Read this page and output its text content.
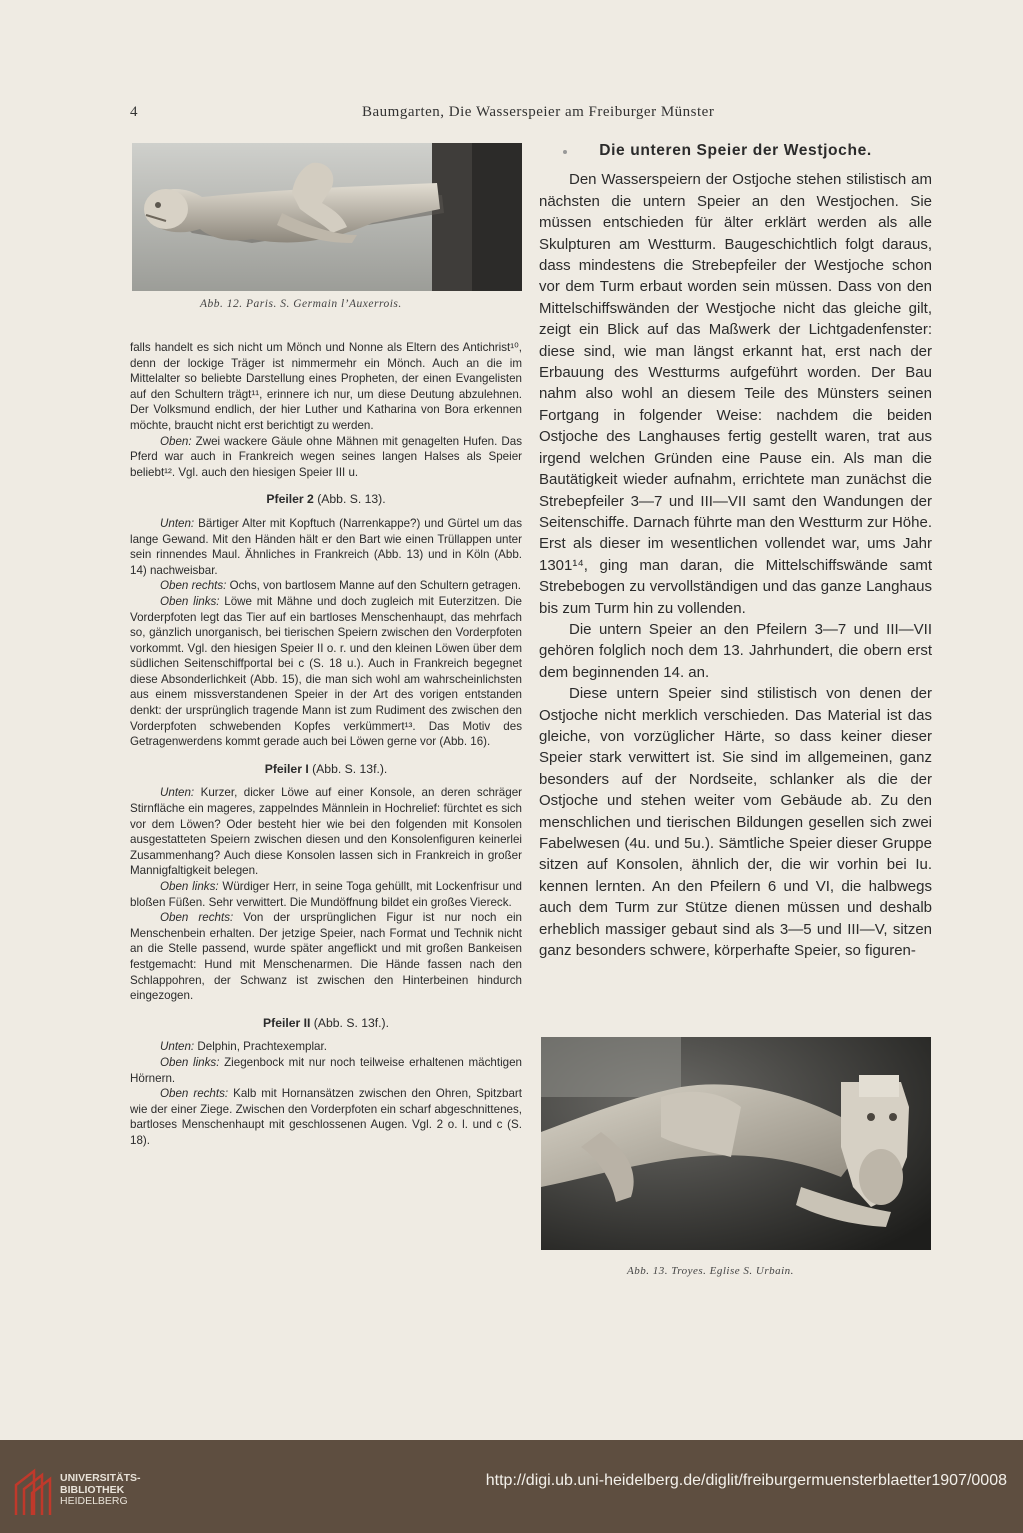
4	Baumgarten, Die Wasserspeier am Freiburger Münster
Abb. 12. Paris. S. Germain l’Auxerrois.

falls handelt es sich nicht um Mönch und Nonne als Eltern des Antichrist¹⁰, denn der lockige Träger ist nimmermehr ein Mönch. Auch an die im Mittelalter so beliebte Darstellung eines Propheten, der einen Evangelisten auf den Schultern trägt¹¹, erinnere ich nur, um diese Deutung abzulehnen. Der Volksmund endlich, der hier Luther und Katharina von Bora erkennen möchte, braucht nicht erst berichtigt zu werden.

Oben: Zwei wackere Gäule ohne Mähnen mit genagelten Hufen. Das Pferd war auch in Frankreich wegen seines langen Halses als Speier beliebt¹². Vgl. auch den hiesigen Speier III u.

Pfeiler 2 (Abb. S. 13).

Unten: Bärtiger Alter mit Kopftuch (Narrenkappe?) und Gürtel um das lange Gewand. Mit den Händen hält er den Bart wie einen Trüllappen unter sein rinnendes Maul. Ähnliches in Frankreich (Abb. 13) und in Köln (Abb. 14) nachweisbar.

Oben rechts: Ochs, von bartlosem Manne auf den Schultern getragen.

Oben links: Löwe mit Mähne und doch zugleich mit Euterzitzen. Die Vorderpfoten legt das Tier auf ein bartloses Menschenhaupt, das mehrfach so, gänzlich unorganisch, bei tierischen Speiern zwischen den Vorderpfoten vorkommt. Vgl. den hiesigen Speier II o. r. und den kleinen Löwen über dem südlichen Seitenschiffportal bei c (S. 18 u.). Auch in Frankreich begegnet diese Absonderlichkeit (Abb. 15), die man sich wohl am wahrscheinlichsten aus einem missverstandenen Speier in der Art des vorigen entstanden denkt: der ursprünglich tragende Mann ist zum Rudiment des zwischen den Vorderpfoten schwebenden Kopfes verkümmert¹³. Das Motiv des Getragenwerdens kommt gerade auch bei Löwen gerne vor (Abb. 16).

Pfeiler I (Abb. S. 13f.).

Unten: Kurzer, dicker Löwe auf einer Konsole, an deren schräger Stirnfläche ein mageres, zappelndes Männlein in Hochrelief: fürchtet es sich vor dem Löwen? Oder besteht hier wie bei den folgenden mit Konsolen ausgestatteten Speiern zwischen diesen und den Konsolenfiguren keinerlei Zusammenhang? Auch diese Konsolen lassen sich in Frankreich in großer Mannigfaltigkeit belegen.

Oben links: Würdiger Herr, in seine Toga gehüllt, mit Lockenfrisur und bloßen Füßen. Sehr verwittert. Die Mundöffnung bildet ein großes Viereck.

Oben rechts: Von der ursprünglichen Figur ist nur noch ein Menschenbein erhalten. Der jetzige Speier, nach Format und Technik nicht an die Stelle passend, wurde später angeflickt und mit großen Bankeisen festgemacht: Hund mit Menschenarmen. Die Hände fassen nach den Schlappohren, der Schwanz ist zwischen den Hinterbeinen hindurch eingezogen.

Pfeiler II (Abb. S. 13f.).

Unten: Delphin, Prachtexemplar.

Oben links: Ziegenbock mit nur noch teilweise erhaltenen mächtigen Hörnern.

Oben rechts: Kalb mit Hornansätzen zwischen den Ohren, Spitzbart wie der einer Ziege. Zwischen den Vorderpfoten ein scharf abgeschnittenes, bartloses Menschenhaupt mit geschlossenen Augen. Vgl. 2 o. l. und c (S. 18).

Die unteren Speier der Westjoche.

Den Wasserspeiern der Ostjoche stehen stilistisch am nächsten die untern Speier an den Westjochen. Sie müssen entschieden für älter erklärt werden als alle Skulpturen am Westturm. Baugeschichtlich folgt daraus, dass mindestens die Strebepfeiler der Westjoche schon vor dem Turm erbaut worden sein müssen. Dass von den Mittelschiffswänden der Westjoche nicht das gleiche gilt, zeigt ein Blick auf das Maßwerk der Lichtgadenfenster: diese sind, wie man längst erkannt hat, erst nach der Erbauung des Westturms aufgeführt worden. Der Bau nahm also wohl an diesem Teile des Münsters seinen Fortgang in folgender Weise: nachdem die beiden Ostjoche des Langhauses fertig gestellt waren, trat aus irgend welchen Gründen eine Pause ein. Als man die Bautätigkeit wieder aufnahm, errichtete man zunächst die Strebepfeiler 3—7 und III—VII samt den Wandungen der Seitenschiffe. Darnach führte man den Westturm zur Höhe. Erst als dieser im wesentlichen vollendet war, ums Jahr 1301¹⁴, ging man daran, die Mittelschiffswände samt Strebebogen zu vervollständigen und das ganze Langhaus bis zum Turm hin zu vollenden.

Die untern Speier an den Pfeilern 3—7 und III—VII gehören folglich noch dem 13. Jahrhundert, die obern erst dem beginnenden 14. an.

Diese untern Speier sind stilistisch von denen der Ostjoche nicht merklich verschieden. Das Material ist das gleiche, von vorzüglicher Härte, so dass keiner dieser Speier stark verwittert ist. Sie sind im allgemeinen, ganz besonders auf der Nordseite, schlanker als die der Ostjoche und stehen weiter vom Gebäude ab. Zu den menschlichen und tierischen Bildungen gesellen sich zwei Fabelwesen (4u. und 5u.). Sämtliche Speier dieser Gruppe sitzen auf Konsolen, ähnlich der, die wir vorhin bei Iu. kennen lernten. An den Pfeilern 6 und VI, die halbwegs auch dem Turm zur Stütze dienen müssen und deshalb erheblich massiger gebaut sind als 3—5 und III—V, sitzen ganz besonders schwere, körperhafte Speier, so figuren-

Abb. 13. Troyes. Eglise S. Urbain.
UNIVERSITÄTS-
BIBLIOTHEK
HEIDELBERG
http://digi.ub.uni-heidelberg.de/diglit/freiburgermuensterblaetter1907/0008
